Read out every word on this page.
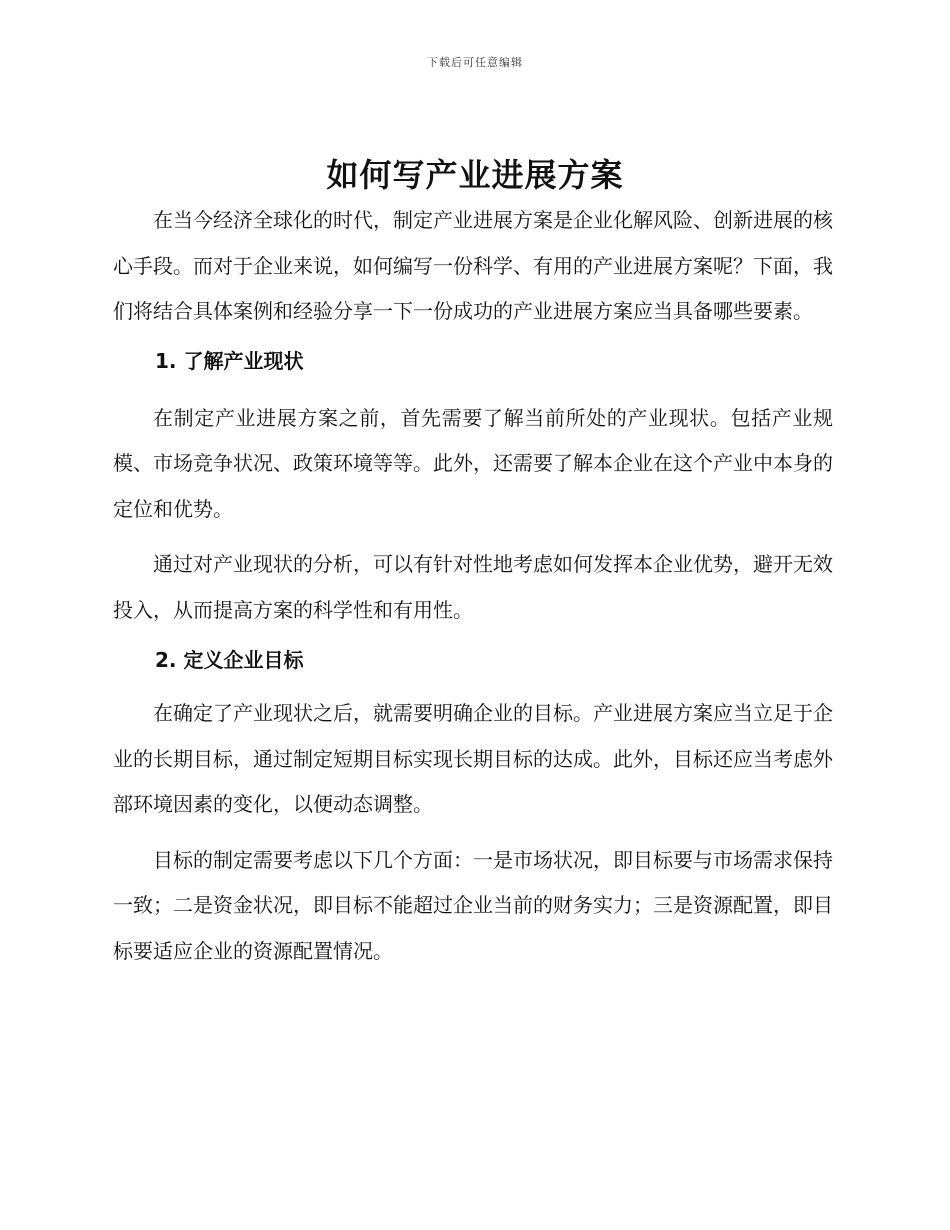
下载后可任意编辑
如何写产业进展方案

在当今经济全球化的时代，制定产业进展方案是企业化解风险、创新进展的核心手段。而对于企业来说，如何编写一份科学、有用的产业进展方案呢？下面，我们将结合具体案例和经验分享一下一份成功的产业进展方案应当具备哪些要素。

1. 了解产业现状

在制定产业进展方案之前，首先需要了解当前所处的产业现状。包括产业规模、市场竞争状况、政策环境等等。此外，还需要了解本企业在这个产业中本身的定位和优势。

通过对产业现状的分析，可以有针对性地考虑如何发挥本企业优势，避开无效投入，从而提高方案的科学性和有用性。

2. 定义企业目标

在确定了产业现状之后，就需要明确企业的目标。产业进展方案应当立足于企业的长期目标，通过制定短期目标实现长期目标的达成。此外，目标还应当考虑外部环境因素的变化，以便动态调整。

目标的制定需要考虑以下几个方面：一是市场状况，即目标要与市场需求保持一致；二是资金状况，即目标不能超过企业当前的财务实力；三是资源配置，即目标要适应企业的资源配置情况。
